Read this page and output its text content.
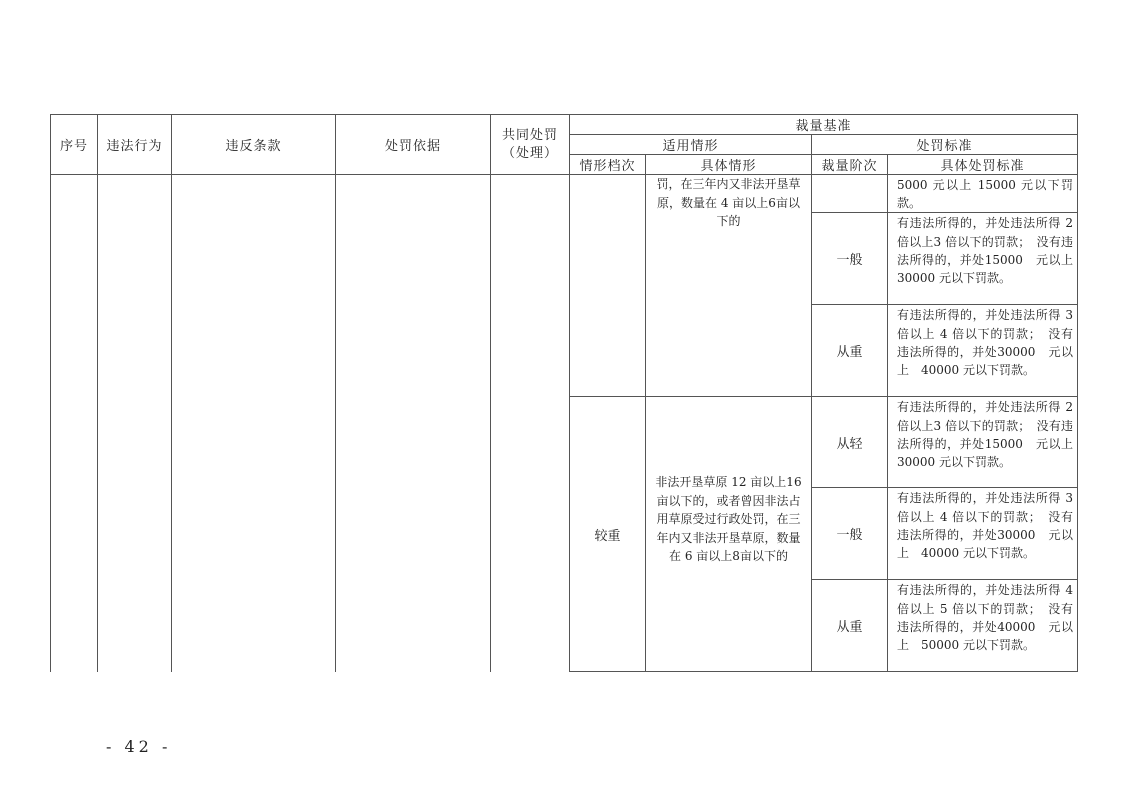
序号	违法行为	违反条款	处罚依据	共同处罚（处理）	裁量基准			
					适用情形		处罚标准	
					情形档次	具体情形	裁量阶次	具体处罚标准
						罚，在三年内又非法开垦草原，数量在 4 亩以上6亩以下的		5000 元以上 15000 元以下罚 款。
							一般	有违法所得的，并处违法所得 2 倍以上3 倍以下的罚款；　没有违法所得的，并处15000　元以上　30000 元以下罚款。
							从重	有违法所得的，并处违法所得 3 倍以上 4 倍以下的罚款；　没有违法所得的，并处30000　元以上　40000 元以下罚款。
					较重	非法开垦草原 12 亩以上16 亩以下的，或者曾因非法占用草原受过行政处罚，在三年内又非法开垦草原，数量在 6 亩以上8亩以下的	从轻	有违法所得的，并处违法所得 2 倍以上3 倍以下的罚款；　没有违法所得的，并处15000　元以上　30000 元以下罚款。
							一般	有违法所得的，并处违法所得 3 倍以上 4 倍以下的罚款；　没有违法所得的，并处30000　元以上　40000 元以下罚款。
							从重	有违法所得的，并处违法所得 4 倍以上 5 倍以下的罚款；　没有违法所得的，并处40000　元以上　50000 元以下罚款。
- 42 -
